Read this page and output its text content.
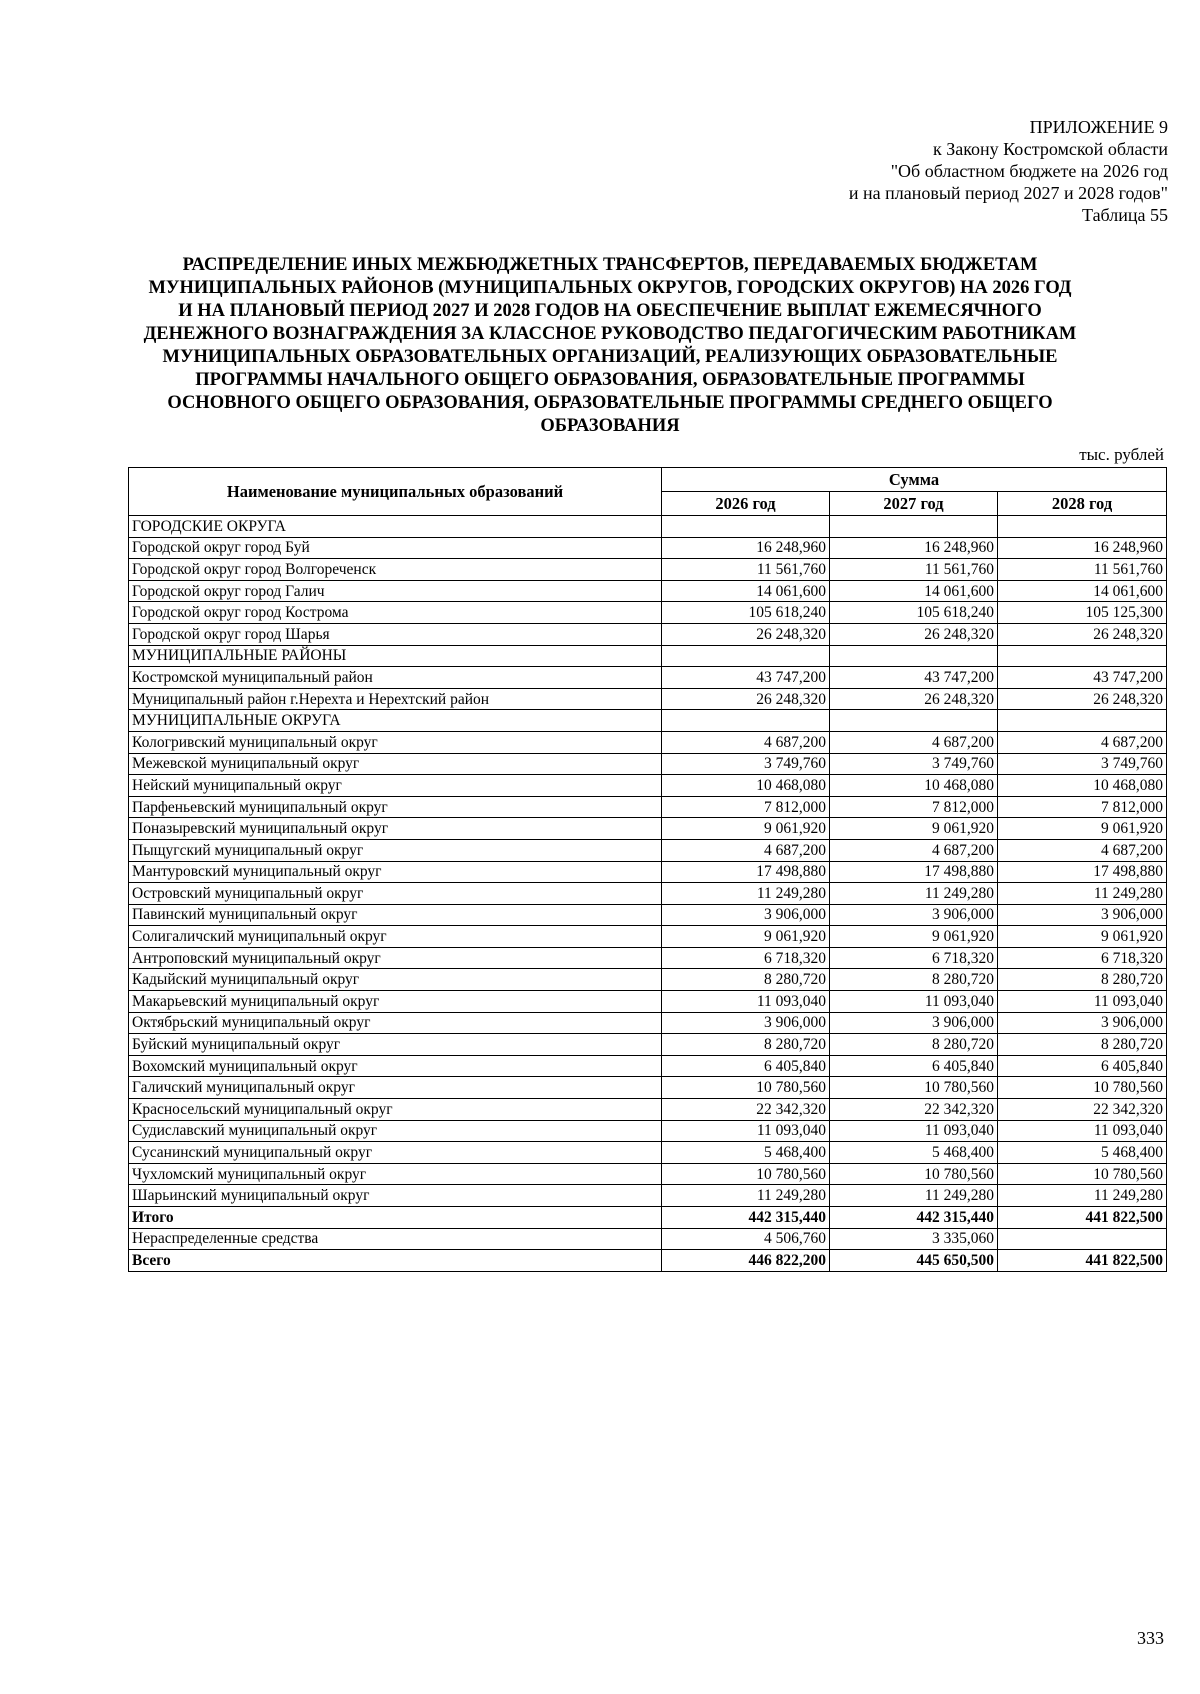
ПРИЛОЖЕНИЕ 9
к Закону Костромской области
"Об областном бюджете на 2026 год
и на плановый период 2027 и 2028 годов"
Таблица 55
РАСПРЕДЕЛЕНИЕ ИНЫХ МЕЖБЮДЖЕТНЫХ ТРАНСФЕРТОВ, ПЕРЕДАВАЕМЫХ БЮДЖЕТАМ
МУНИЦИПАЛЬНЫХ РАЙОНОВ (МУНИЦИПАЛЬНЫХ ОКРУГОВ, ГОРОДСКИХ ОКРУГОВ) НА 2026 ГОД
И НА ПЛАНОВЫЙ ПЕРИОД 2027 И 2028 ГОДОВ НА ОБЕСПЕЧЕНИЕ ВЫПЛАТ ЕЖЕМЕСЯЧНОГО
ДЕНЕЖНОГО ВОЗНАГРАЖДЕНИЯ ЗА КЛАССНОЕ РУКОВОДСТВО ПЕДАГОГИЧЕСКИМ РАБОТНИКАМ
МУНИЦИПАЛЬНЫХ ОБРАЗОВАТЕЛЬНЫХ ОРГАНИЗАЦИЙ, РЕАЛИЗУЮЩИХ ОБРАЗОВАТЕЛЬНЫЕ
ПРОГРАММЫ НАЧАЛЬНОГО ОБЩЕГО ОБРАЗОВАНИЯ, ОБРАЗОВАТЕЛЬНЫЕ ПРОГРАММЫ
ОСНОВНОГО ОБЩЕГО ОБРАЗОВАНИЯ, ОБРАЗОВАТЕЛЬНЫЕ ПРОГРАММЫ СРЕДНЕГО ОБЩЕГО
ОБРАЗОВАНИЯ
тыс. рублей
Наименование муниципальных образований	Сумма		
	2026 год	2027 год	2028 год
ГОРОДСКИЕ ОКРУГА			
Городской округ город Буй	16 248,960	16 248,960	16 248,960
Городской округ город Волгореченск	11 561,760	11 561,760	11 561,760
Городской округ город Галич	14 061,600	14 061,600	14 061,600
Городской округ город Кострома	105 618,240	105 618,240	105 125,300
Городской округ город Шарья	26 248,320	26 248,320	26 248,320
МУНИЦИПАЛЬНЫЕ РАЙОНЫ			
Костромской муниципальный район	43 747,200	43 747,200	43 747,200
Муниципальный район г.Нерехта и Нерехтский район	26 248,320	26 248,320	26 248,320
МУНИЦИПАЛЬНЫЕ ОКРУГА			
Кологривский муниципальный округ	4 687,200	4 687,200	4 687,200
Межевской муниципальный округ	3 749,760	3 749,760	3 749,760
Нейский муниципальный округ	10 468,080	10 468,080	10 468,080
Парфеньевский муниципальный округ	7 812,000	7 812,000	7 812,000
Поназыревский муниципальный округ	9 061,920	9 061,920	9 061,920
Пыщугский муниципальный округ	4 687,200	4 687,200	4 687,200
Мантуровский муниципальный округ	17 498,880	17 498,880	17 498,880
Островский муниципальный округ	11 249,280	11 249,280	11 249,280
Павинский муниципальный округ	3 906,000	3 906,000	3 906,000
Солигаличский муниципальный округ	9 061,920	9 061,920	9 061,920
Антроповский муниципальный округ	6 718,320	6 718,320	6 718,320
Кадыйский муниципальный округ	8 280,720	8 280,720	8 280,720
Макарьевский муниципальный округ	11 093,040	11 093,040	11 093,040
Октябрьский муниципальный округ	3 906,000	3 906,000	3 906,000
Буйский муниципальный округ	8 280,720	8 280,720	8 280,720
Вохомский муниципальный округ	6 405,840	6 405,840	6 405,840
Галичский муниципальный округ	10 780,560	10 780,560	10 780,560
Красносельский муниципальный округ	22 342,320	22 342,320	22 342,320
Судиславский муниципальный округ	11 093,040	11 093,040	11 093,040
Сусанинский муниципальный округ	5 468,400	5 468,400	5 468,400
Чухломский муниципальный округ	10 780,560	10 780,560	10 780,560
Шарьинский муниципальный округ	11 249,280	11 249,280	11 249,280
Итого	442 315,440	442 315,440	441 822,500
Нераспределенные средства	4 506,760	3 335,060	
Всего	446 822,200	445 650,500	441 822,500
333
